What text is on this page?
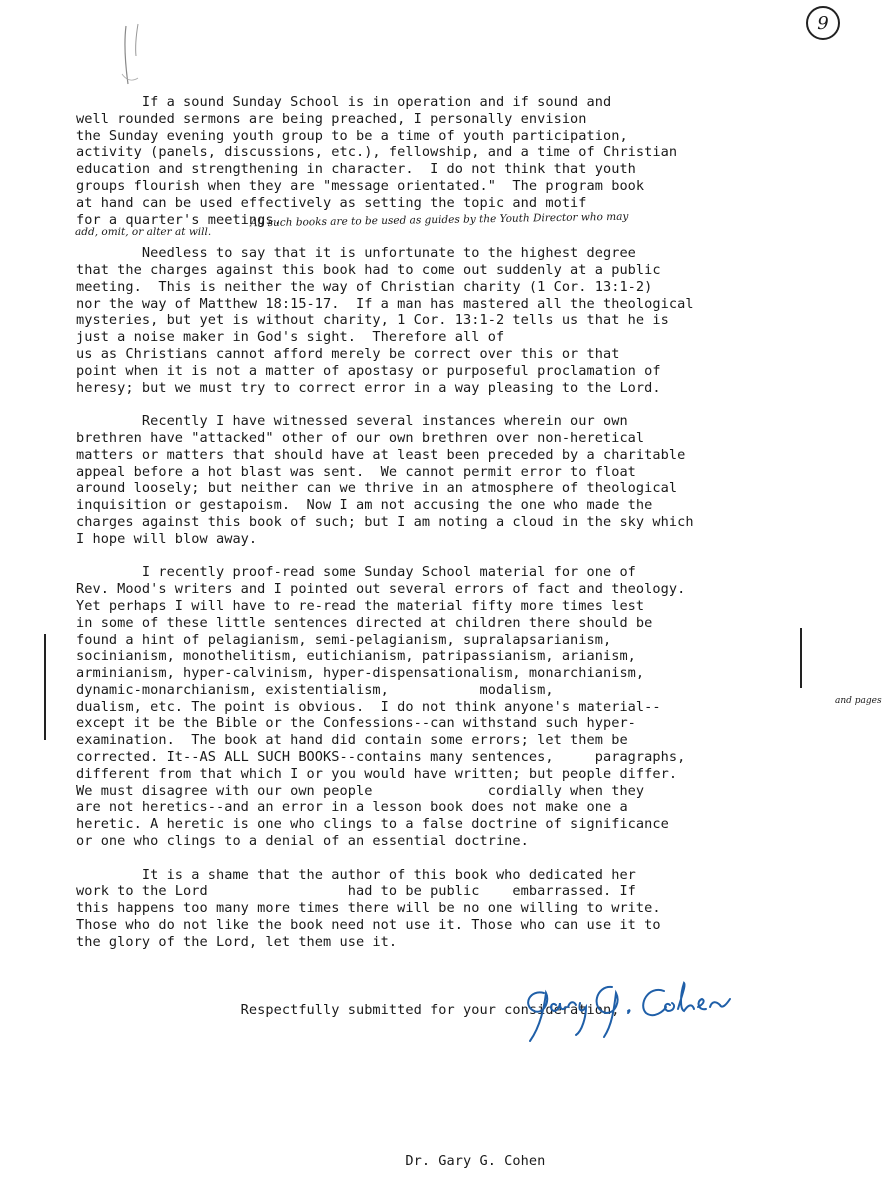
9
If a sound Sunday School is in operation and if sound and
well rounded sermons are being preached, I personally envision
the Sunday evening youth group to be a time of youth participation,
activity (panels, discussions, etc.), fellowship, and a time of Christian
education and strengthening in character.  I do not think that youth
groups flourish when they are "message orientated."  The program book
at hand can be used effectively as setting the topic and motif
for a quarter's meetings.
Needless to say that it is unfortunate to the highest degree
that the charges against this book had to come out suddenly at a public
meeting.  This is neither the way of Christian charity (1 Cor. 13:1-2)
nor the way of Matthew 18:15-17.  If a man has mastered all the theological
mysteries, but yet is without charity, 1 Cor. 13:1-2 tells us that he is
just a noise maker in God's sight.  Therefore all of
us as Christians cannot afford merely be correct over this or that
point when it is not a matter of apostasy or purposeful proclamation of
heresy; but we must try to correct error in a way pleasing to the Lord.
Recently I have witnessed several instances wherein our own
brethren have "attacked" other of our own brethren over non-heretical
matters or matters that should have at least been preceded by a charitable
appeal before a hot blast was sent.  We cannot permit error to float
around loosely; but neither can we thrive in an atmosphere of theological
inquisition or gestapoism.  Now I am not accusing the one who made the
charges against this book of such; but I am noting a cloud in the sky which
I hope will blow away.
I recently proof-read some Sunday School material for one of
Rev. Mood's writers and I pointed out several errors of fact and theology.
Yet perhaps I will have to re-read the material fifty more times lest
in some of these little sentences directed at children there should be
found a hint of pelagianism, semi-pelagianism, supralapsarianism,
socinianism, monothelitism, eutichianism, patripassianism, arianism,
arminianism, hyper-calvinism, hyper-dispensationalism, monarchianism,
dynamic-monarchianism, existentialism,           modalism,
dualism, etc. The point is obvious.  I do not think anyone's material--
except it be the Bible or the Confessions--can withstand such hyper-
examination.  The book at hand did contain some errors; let them be
corrected. It--AS ALL SUCH BOOKS--contains many sentences,     paragraphs,
different from that which I or you would have written; but people differ.
We must disagree with our own people              cordially when they
are not heretics--and an error in a lesson book does not make one a
heretic. A heretic is one who clings to a false doctrine of significance
or one who clings to a denial of an essential doctrine.
It is a shame that the author of this book who dedicated her
work to the Lord                 had to be public    embarrassed. If
this happens too many more times there will be no one willing to write.
Those who do not like the book need not use it. Those who can use it to
the glory of the Lord, let them use it.
All such books are to be used as guides by the Youth Director who may
add, omit, or alter at will.
and pages

Respectfully submitted for your consideration,

Dr. Gary G. Cohen
